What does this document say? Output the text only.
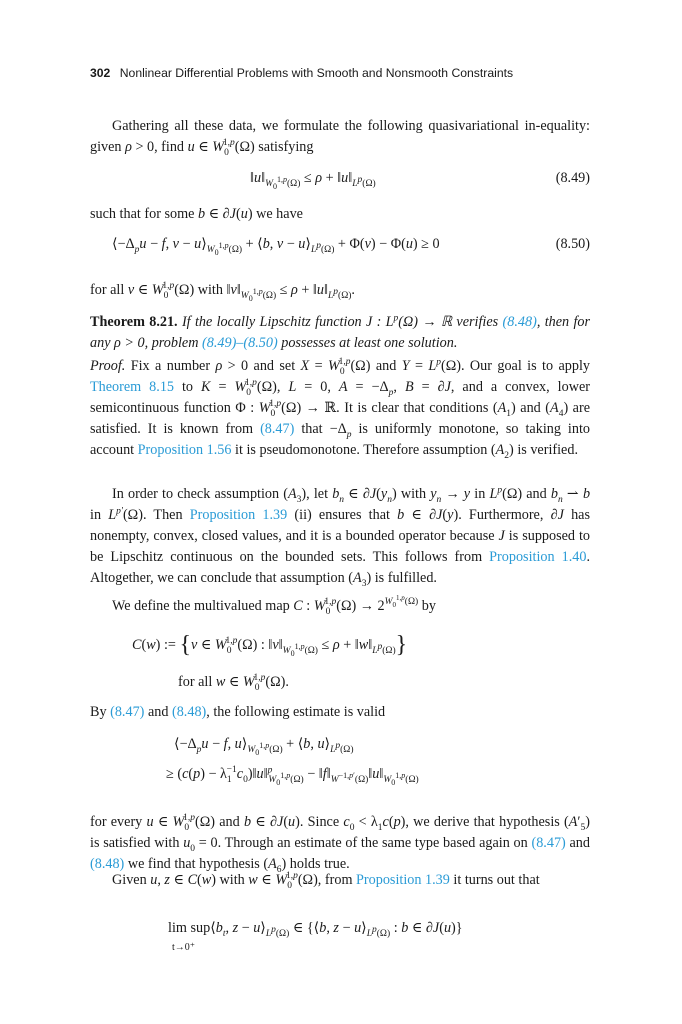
302 Nonlinear Differential Problems with Smooth and Nonsmooth Constraints
Gathering all these data, we formulate the following quasivariational in-equality: given ρ > 0, find u ∈ $W_0^{1,p}(\Omega)$ satisfying
$‖u‖_{W_0^{1,p}(\Omega)} \le \rho$ + $‖u‖_{L^p(\Omega)}$	(8.49)
such that for some b ∈ ∂J(u) we have
$⟨-\Delta_pu - f$, $v - u⟩_{W_0^{1,p}(\Omega)}$ + ⟨b, $v - u⟩_{L^p(\Omega)} + \Phi(v) - \Phi(u) \ge 0$	(8.50)
for all v ∈ $W_0^{1,p}(\Omega)$ with $‖v‖_{W_0^{1,p}(\Omega)} \le \rho$ + $‖u‖_{L^p(\Omega)}$.
Theorem 8.21. If the locally Lipschitz function J : $L^p(\Omega)$ → ℝ verifies (8.48), then for any ρ > 0, problem (8.49)–(8.50) possesses at least one solution.
Proof. Fix a number ρ > 0 and set $X = W_0^{1,p}(\Omega)$ and $Y = L^p(\Omega)$. Our goal is to apply Theorem 8.15 to $K = W_0^{1,p}(\Omega)$, L = 0, $A = -\Delta_p$, B = ∂J, and a convex, lower semicontinuous function Φ : $W_0^{1,p}(\Omega)$ → ℝ. It is clear that conditions $(A_1)$ and $(A_4)$ are satisfied. It is known from (8.47) that $-\Delta_p$ is uniformly monotone, so taking into account Proposition 1.56 it is pseudomonotone. Therefore assumption $(A_2)$ is verified.
In order to check assumption $(A_3)$, let $b_n$ ∈ $\partial J(y_n)$ with $y_n \to y$ in $L^p(\Omega)$ and $b_n$ ⇀ b in $L^{p'}(\Omega)$. Then Proposition 1.39 (ii) ensures that b ∈ ∂J(y). Furthermore, ∂J has nonempty, convex, closed values, and it is a bounded operator because J is supposed to be Lipschitz continuous on the bounded sets. This follows from Proposition 1.40. Altogether, we can conclude that assumption $(A_3)$ is fulfilled.
We define the multivalued map C : $W_0^{1,p}(\Omega) \to 2^{W_0^{1,p}(\Omega)}$ by
C(w) := {v ∈ $W_0^{1,p}(\Omega)$ : $‖v‖_{W_0^{1,p}(\Omega)} \le \rho$ + $‖w‖_{L^p(\Omega)}$}
for all w ∈ $W_0^{1,p}(\Omega)$.
By (8.47) and (8.48), the following estimate is valid
$⟨-\Delta_pu - f$, $u⟩_{W_0^{1,p}(\Omega)}$ + ⟨b, $u⟩_{L^p(\Omega)}$
≥ $(c(p) - \lambda_1^{-1}c_0)‖u‖^p_{W_0^{1,p}(\Omega)}$ − $‖f‖_{W^{-1,p'}(\Omega)}‖u‖_{W_0^{1,p}(\Omega)}$
for every u ∈ $W_0^{1,p}(\Omega)$ and b ∈ ∂J(u). Since $c_0 < \lambda_1c(p)$, we derive that hypothesis $(A'_5)$ is satisfied with $u_0 = 0$. Through an estimate of the same type based again on (8.47) and (8.48) we find that hypothesis $(A_6)$ holds true.
Given u, z ∈ C(w) with w ∈ $W_0^{1,p}(\Omega)$, from Proposition 1.39 it turns out that
$\lim sup⟨b_t$, $z - u⟩_{L^p(\Omega)}$ ∈ {⟨b, $z - u⟩_{L^p(\Omega)}$ : b ∈ ∂J(u)}
t→0⁺
